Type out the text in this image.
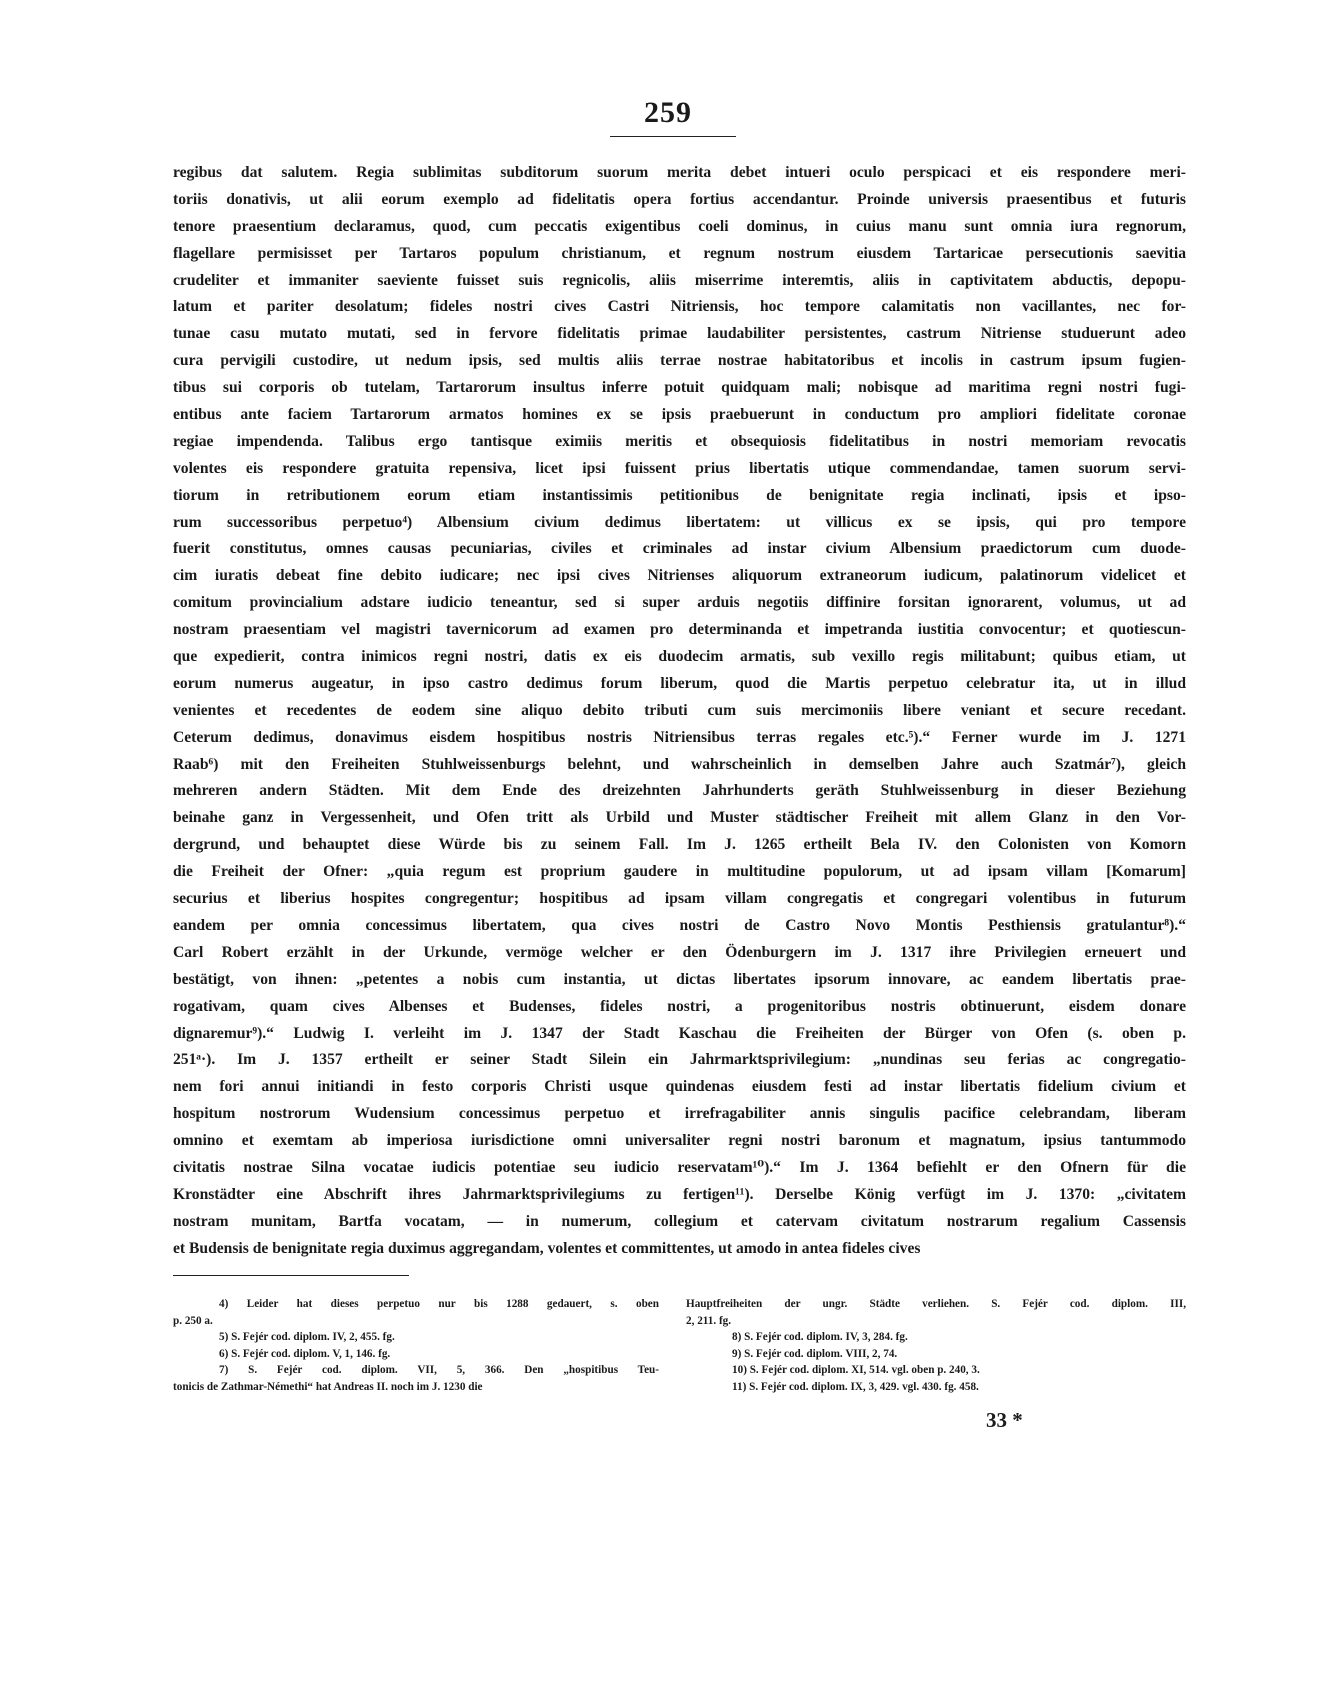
259
regibus dat salutem. Regia sublimitas subditorum suorum merita debet intueri oculo perspicaci et eis respondere meri-
toriis donativis, ut alii eorum exemplo ad fidelitatis opera fortius accendantur. Proinde universis praesentibus et futuris
tenore praesentium declaramus, quod, cum peccatis exigentibus coeli dominus, in cuius manu sunt omnia iura regnorum,
flagellare permisisset per Tartaros populum christianum, et regnum nostrum eiusdem Tartaricae persecutionis saevitia
crudeliter et immaniter saeviente fuisset suis regnicolis, aliis miserrime interemtis, aliis in captivitatem abductis, depopu-
latum et pariter desolatum; fideles nostri cives Castri Nitriensis, hoc tempore calamitatis non vacillantes, nec for-
tunae casu mutato mutati, sed in fervore fidelitatis primae laudabiliter persistentes, castrum Nitriense studuerunt adeo
cura pervigili custodire, ut nedum ipsis, sed multis aliis terrae nostrae habitatoribus et incolis in castrum ipsum fugien-
tibus sui corporis ob tutelam, Tartarorum insultus inferre potuit quidquam mali; nobisque ad maritima regni nostri fugi-
entibus ante faciem Tartarorum armatos homines ex se ipsis praebuerunt in conductum pro ampliori fidelitate coronae
regiae impendenda. Talibus ergo tantisque eximiis meritis et obsequiosis fidelitatibus in nostri memoriam revocatis
volentes eis respondere gratuita repensiva, licet ipsi fuissent prius libertatis utique commendandae, tamen suorum servi-
tiorum in retributionem eorum etiam instantissimis petitionibus de benignitate regia inclinati, ipsis et ipso-
rum successoribus perpetuo⁴) Albensium civium dedimus libertatem: ut villicus ex se ipsis, qui pro tempore
fuerit constitutus, omnes causas pecuniarias, civiles et criminales ad instar civium Albensium praedictorum cum duode-
cim iuratis debeat fine debito iudicare; nec ipsi cives Nitrienses aliquorum extraneorum iudicum, palatinorum videlicet et
comitum provincialium adstare iudicio teneantur, sed si super arduis negotiis diffinire forsitan ignorarent, volumus, ut ad
nostram praesentiam vel magistri tavernicorum ad examen pro determinanda et impetranda iustitia convocentur; et quotiescun-
que expedierit, contra inimicos regni nostri, datis ex eis duodecim armatis, sub vexillo regis militabunt; quibus etiam, ut
eorum numerus augeatur, in ipso castro dedimus forum liberum, quod die Martis perpetuo celebratur ita, ut in illud
venientes et recedentes de eodem sine aliquo debito tributi cum suis mercimoniis libere veniant et secure recedant.
Ceterum dedimus, donavimus eisdem hospitibus nostris Nitriensibus terras regales etc.⁵).“ Ferner wurde im J. 1271
Raab⁶) mit den Freiheiten Stuhlweissenburgs belehnt, und wahrscheinlich in demselben Jahre auch Szatmár⁷), gleich
mehreren andern Städten. Mit dem Ende des dreizehnten Jahrhunderts geräth Stuhlweissenburg in dieser Beziehung
beinahe ganz in Vergessenheit, und Ofen tritt als Urbild und Muster städtischer Freiheit mit allem Glanz in den Vor-
dergrund, und behauptet diese Würde bis zu seinem Fall. Im J. 1265 ertheilt Bela IV. den Colonisten von Komorn
die Freiheit der Ofner: „quia regum est proprium gaudere in multitudine populorum, ut ad ipsam villam [Komarum]
securius et liberius hospites congregentur; hospitibus ad ipsam villam congregatis et congregari volentibus in futurum
eandem per omnia concessimus libertatem, qua cives nostri de Castro Novo Montis Pesthiensis gratulantur⁸).“
Carl Robert erzählt in der Urkunde, vermöge welcher er den Ödenburgern im J. 1317 ihre Privilegien erneuert und
bestätigt, von ihnen: „petentes a nobis cum instantia, ut dictas libertates ipsorum innovare, ac eandem libertatis prae-
rogativam, quam cives Albenses et Budenses, fideles nostri, a progenitoribus nostris obtinuerunt, eisdem donare
dignaremur⁹).“ Ludwig I. verleiht im J. 1347 der Stadt Kaschau die Freiheiten der Bürger von Ofen (s. oben p.
251ᵃ·). Im J. 1357 ertheilt er seiner Stadt Silein ein Jahrmarktsprivilegium: „nundinas seu ferias ac congregatio-
nem fori annui initiandi in festo corporis Christi usque quindenas eiusdem festi ad instar libertatis fidelium civium et
hospitum nostrorum Wudensium concessimus perpetuo et irrefragabiliter annis singulis pacifice celebrandam, liberam
omnino et exemtam ab imperiosa iurisdictione omni universaliter regni nostri baronum et magnatum, ipsius tantummodo
civitatis nostrae Silna vocatae iudicis potentiae seu iudicio reservatam¹⁰).“ Im J. 1364 befiehlt er den Ofnern für die
Kronstädter eine Abschrift ihres Jahrmarktsprivilegiums zu fertigen¹¹). Derselbe König verfügt im J. 1370: „civitatem
nostram munitam, Bartfa vocatam, — in numerum, collegium et catervam civitatum nostrarum regalium Cassensis
et Budensis de benignitate regia duximus aggregandam, volentes et committentes, ut amodo in antea fideles cives
4) Leider hat dieses perpetuo nur bis 1288 gedauert, s. oben
p. 250 a.
5) S. Fejér cod. diplom. IV, 2, 455. fg.
6) S. Fejér cod. diplom. V, 1, 146. fg.
7) S. Fejér cod. diplom. VII, 5, 366. Den „hospitibus Teu-
tonicis de Zathmar-Némethi“ hat Andreas II. noch im J. 1230 die
Hauptfreiheiten der ungr. Städte verliehen. S. Fejér cod. diplom. III,
2, 211. fg.
8) S. Fejér cod. diplom. IV, 3, 284. fg.
9) S. Fejér cod. diplom. VIII, 2, 74.
10) S. Fejér cod. diplom. XI, 514. vgl. oben p. 240, 3.
11) S. Fejér cod. diplom. IX, 3, 429. vgl. 430. fg. 458.
33 *
